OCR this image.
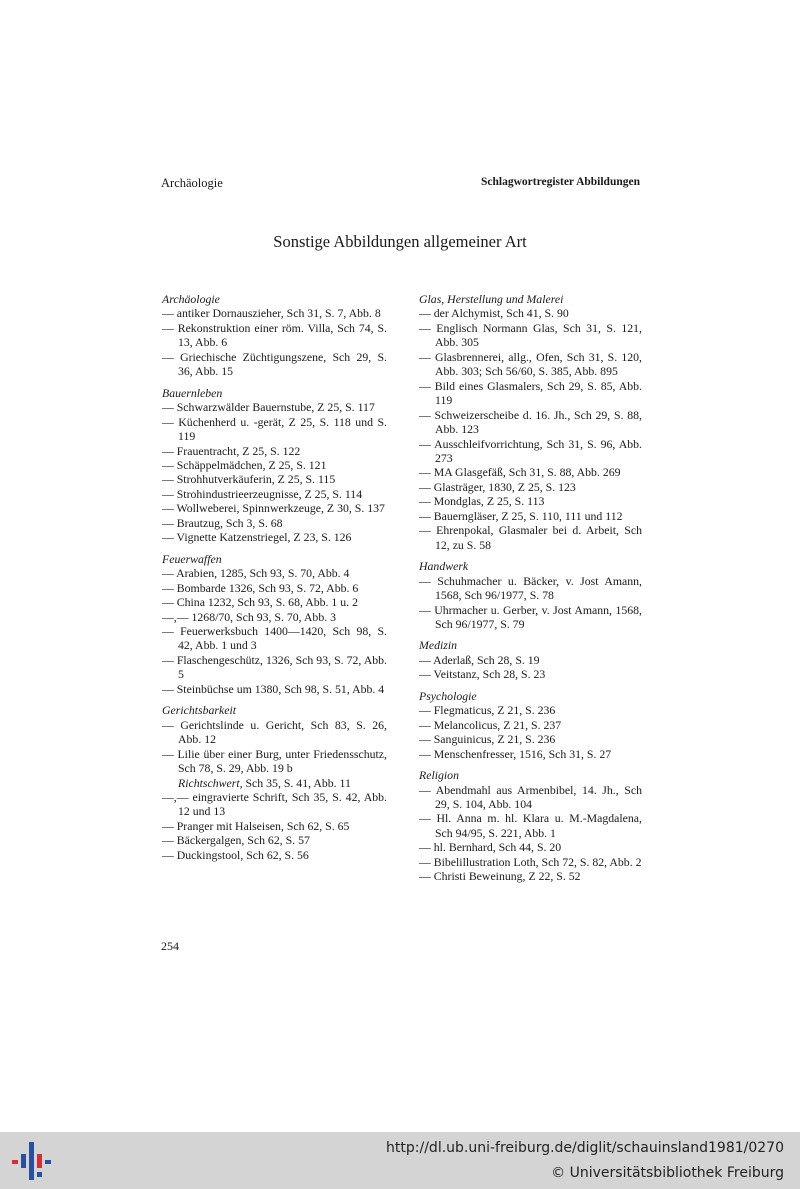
Archäologie	Schlagwortregister Abbildungen
Sonstige Abbildungen allgemeiner Art
Archäologie
— antiker Dornauszieher, Sch 31, S. 7, Abb. 8
— Rekonstruktion einer röm. Villa, Sch 74, S. 13, Abb. 6
— Griechische Züchtigungszene, Sch 29, S. 36, Abb. 15
Bauernleben
— Schwarzwälder Bauernstube, Z 25, S. 117
— Küchenherd u. -gerät, Z 25, S. 118 und S. 119
— Frauentracht, Z 25, S. 122
— Schäppelmädchen, Z 25, S. 121
— Strohhutverkäuferin, Z 25, S. 115
— Strohindustrieerzeugnisse, Z 25, S. 114
— Wollweberei, Spinnwerkzeuge, Z 30, S. 137
— Brautzug, Sch 3, S. 68
— Vignette Katzenstriegel, Z 23, S. 126
Feuerwaffen
— Arabien, 1285, Sch 93, S. 70, Abb. 4
— Bombarde 1326, Sch 93, S. 72, Abb. 6
— China 1232, Sch 93, S. 68, Abb. 1 u. 2
—,— 1268/70, Sch 93, S. 70, Abb. 3
— Feuerwerksbuch 1400—1420, Sch 98, S. 42, Abb. 1 und 3
— Flaschengeschütz, 1326, Sch 93, S. 72, Abb. 5
— Steinbüchse um 1380, Sch 98, S. 51, Abb. 4
Gerichtsbarkeit
— Gerichtslinde u. Gericht, Sch 83, S. 26, Abb. 12
— Lilie über einer Burg, unter Friedensschutz, Sch 78, S. 29, Abb. 19 b
Richtschwert, Sch 35, S. 41, Abb. 11
—,— eingravierte Schrift, Sch 35, S. 42, Abb. 12 und 13
— Pranger mit Halseisen, Sch 62, S. 65
— Bäckergalgen, Sch 62, S. 57
— Duckingstool, Sch 62, S. 56
Glas, Herstellung und Malerei
— der Alchymist, Sch 41, S. 90
— Englisch Normann Glas, Sch 31, S. 121, Abb. 305
— Glasbrennerei, allg., Ofen, Sch 31, S. 120, Abb. 303; Sch 56/60, S. 385, Abb. 895
— Bild eines Glasmalers, Sch 29, S. 85, Abb. 119
— Schweizerscheibe d. 16. Jh., Sch 29, S. 88, Abb. 123
— Ausschleifvorrichtung, Sch 31, S. 96, Abb. 273
— MA Glasgefäß, Sch 31, S. 88, Abb. 269
— Glasträger, 1830, Z 25, S. 123
— Mondglas, Z 25, S. 113
— Bauerngläser, Z 25, S. 110, 111 und 112
— Ehrenpokal, Glasmaler bei d. Arbeit, Sch 12, zu S. 58
Handwerk
— Schuhmacher u. Bäcker, v. Jost Amann, 1568, Sch 96/1977, S. 78
— Uhrmacher u. Gerber, v. Jost Amann, 1568, Sch 96/1977, S. 79
Medizin
— Aderlaß, Sch 28, S. 19
— Veitstanz, Sch 28, S. 23
Psychologie
— Flegmaticus, Z 21, S. 236
— Melancolicus, Z 21, S. 237
— Sanguinicus, Z 21, S. 236
— Menschenfresser, 1516, Sch 31, S. 27
Religion
— Abendmahl aus Armenbibel, 14. Jh., Sch 29, S. 104, Abb. 104
— Hl. Anna m. hl. Klara u. M.-Magdalena, Sch 94/95, S. 221, Abb. 1
— hl. Bernhard, Sch 44, S. 20
— Bibelillustration Loth, Sch 72, S. 82, Abb. 2
— Christi Beweinung, Z 22, S. 52
254
http://dl.ub.uni-freiburg.de/diglit/schauinsland1981/0270
© Universitätsbibliothek Freiburg
